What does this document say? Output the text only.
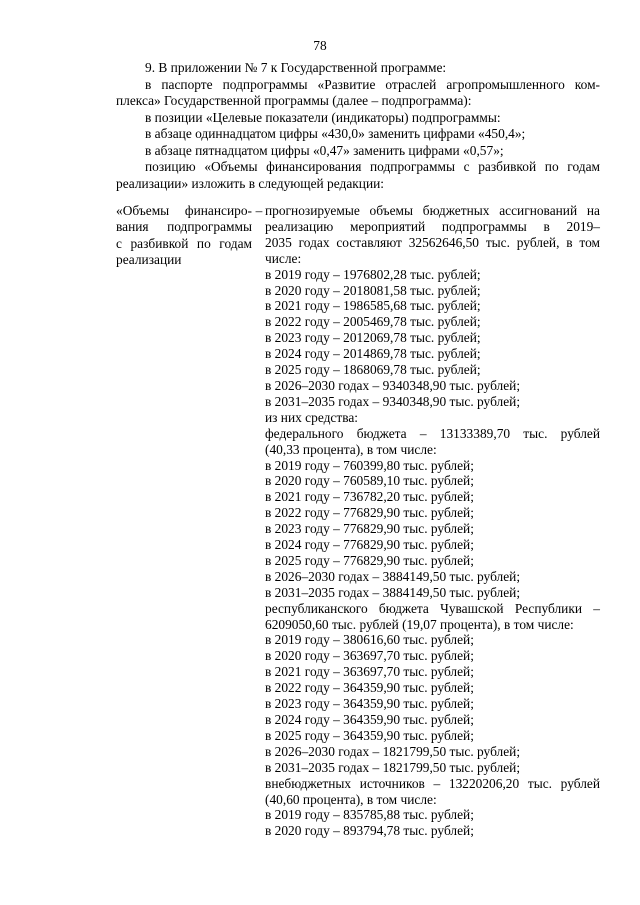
78
9. В приложении № 7 к Государственной программе:
в паспорте подпрограммы «Развитие отраслей агропромышленного ком-
плекса» Государственной программы (далее – подпрограмма):
в позиции «Целевые показатели (индикаторы) подпрограммы:
в абзаце одиннадцатом цифры «430,0» заменить цифрами «450,4»;
в абзаце пятнадцатом цифры «0,47» заменить цифрами «0,57»;
позицию «Объемы финансирования подпрограммы с разбивкой по годам
реализации» изложить в следующей редакции:
«Объемы финансиро-
вания подпрограммы
с разбивкой по годам
реализации
– прогнозируемые объемы бюджетных ассигнований на
реализацию мероприятий подпрограммы в 2019–
2035 годах составляют 32562646,50 тыс. рублей, в том
числе:
в 2019 году – 1976802,28 тыс. рублей;
в 2020 году – 2018081,58 тыс. рублей;
в 2021 году – 1986585,68 тыс. рублей;
в 2022 году – 2005469,78 тыс. рублей;
в 2023 году – 2012069,78 тыс. рублей;
в 2024 году – 2014869,78 тыс. рублей;
в 2025 году – 1868069,78 тыс. рублей;
в 2026–2030 годах – 9340348,90 тыс. рублей;
в 2031–2035 годах – 9340348,90 тыс. рублей;
из них средства:
федерального бюджета – 13133389,70 тыс. рублей
(40,33 процента), в том числе:
в 2019 году – 760399,80 тыс. рублей;
в 2020 году – 760589,10 тыс. рублей;
в 2021 году – 736782,20 тыс. рублей;
в 2022 году – 776829,90 тыс. рублей;
в 2023 году – 776829,90 тыс. рублей;
в 2024 году – 776829,90 тыс. рублей;
в 2025 году – 776829,90 тыс. рублей;
в 2026–2030 годах – 3884149,50 тыс. рублей;
в 2031–2035 годах – 3884149,50 тыс. рублей;
республиканского бюджета Чувашской Республики –
6209050,60 тыс. рублей (19,07 процента), в том числе:
в 2019 году – 380616,60 тыс. рублей;
в 2020 году – 363697,70 тыс. рублей;
в 2021 году – 363697,70 тыс. рублей;
в 2022 году – 364359,90 тыс. рублей;
в 2023 году – 364359,90 тыс. рублей;
в 2024 году – 364359,90 тыс. рублей;
в 2025 году – 364359,90 тыс. рублей;
в 2026–2030 годах – 1821799,50 тыс. рублей;
в 2031–2035 годах – 1821799,50 тыс. рублей;
внебюджетных источников – 13220206,20 тыс. рублей
(40,60 процента), в том числе:
в 2019 году – 835785,88 тыс. рублей;
в 2020 году – 893794,78 тыс. рублей;
